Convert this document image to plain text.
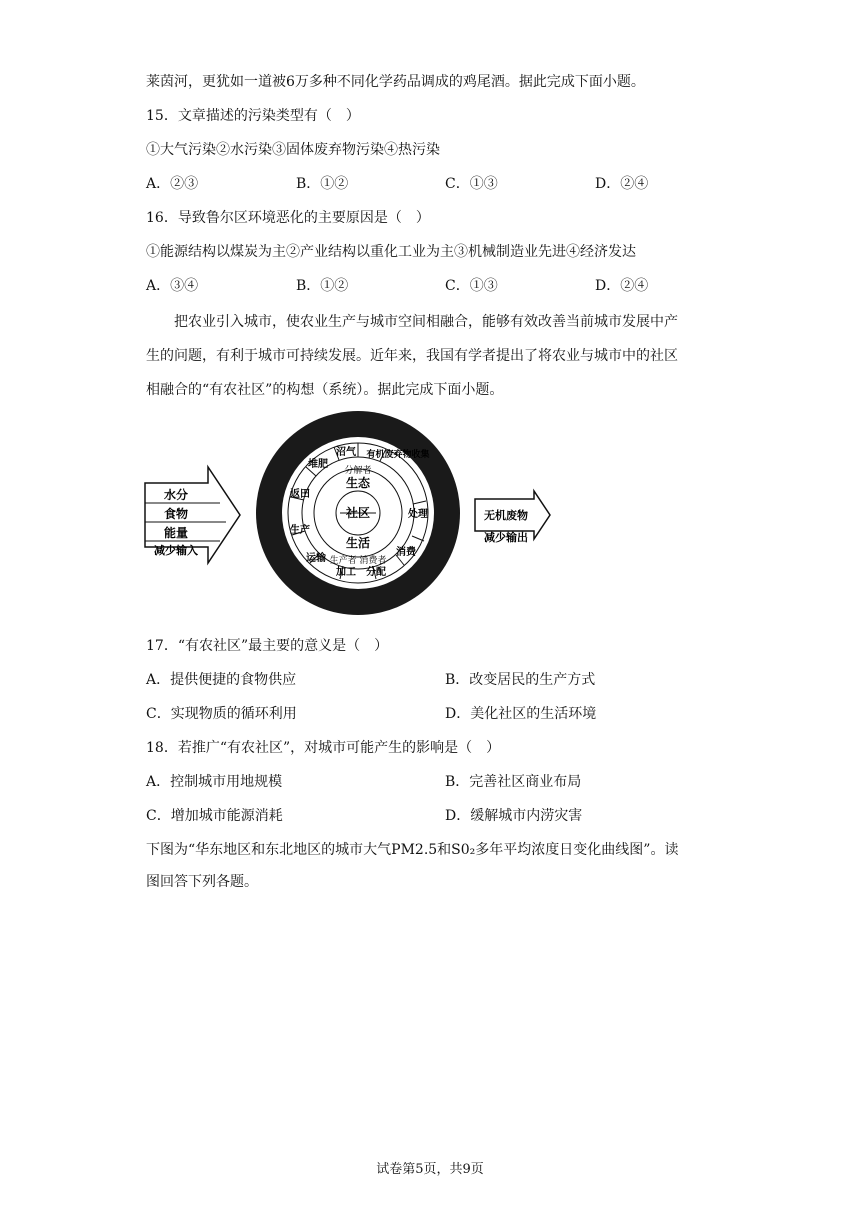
莱茵河，更犹如一道被6万多种不同化学药品调成的鸡尾酒。据此完成下面小题。
15．文章描述的污染类型有（　）
①大气污染②水污染③固体废弃物污染④热污染
A．②③	B．①②	C．①③	D．②④
16．导致鲁尔区环境恶化的主要原因是（　）
①能源结构以煤炭为主②产业结构以重化工业为主③机械制造业先进④经济发达
A．③④	B．①②	C．①③	D．②④
把农业引入城市，使农业生产与城市空间相融合，能够有效改善当前城市发展中产
生的问题，有利于城市可持续发展。近年来，我国有学者提出了将农业与城市中的社区
相融合的“有农社区”的构想（系统）。据此完成下面小题。
水分
食物
能量
减少输入
堆肥
沼气 有机废弃物收集
处理
消费
分配
加工
运输
生产
返田
分解者
生产者 消费者
生态
社区
生活
无机废物
减少输出
17．“有农社区”最主要的意义是（　）
A．提供便捷的食物供应	B．改变居民的生产方式
C．实现物质的循环利用	D．美化社区的生活环境
18．若推广“有农社区”，对城市可能产生的影响是（　）
A．控制城市用地规模	B．完善社区商业布局
C．增加城市能源消耗	D．缓解城市内涝灾害
下图为“华东地区和东北地区的城市大气PM2.5和S0₂多年平均浓度日变化曲线图”。读
图回答下列各题。
试卷第5页，共9页
